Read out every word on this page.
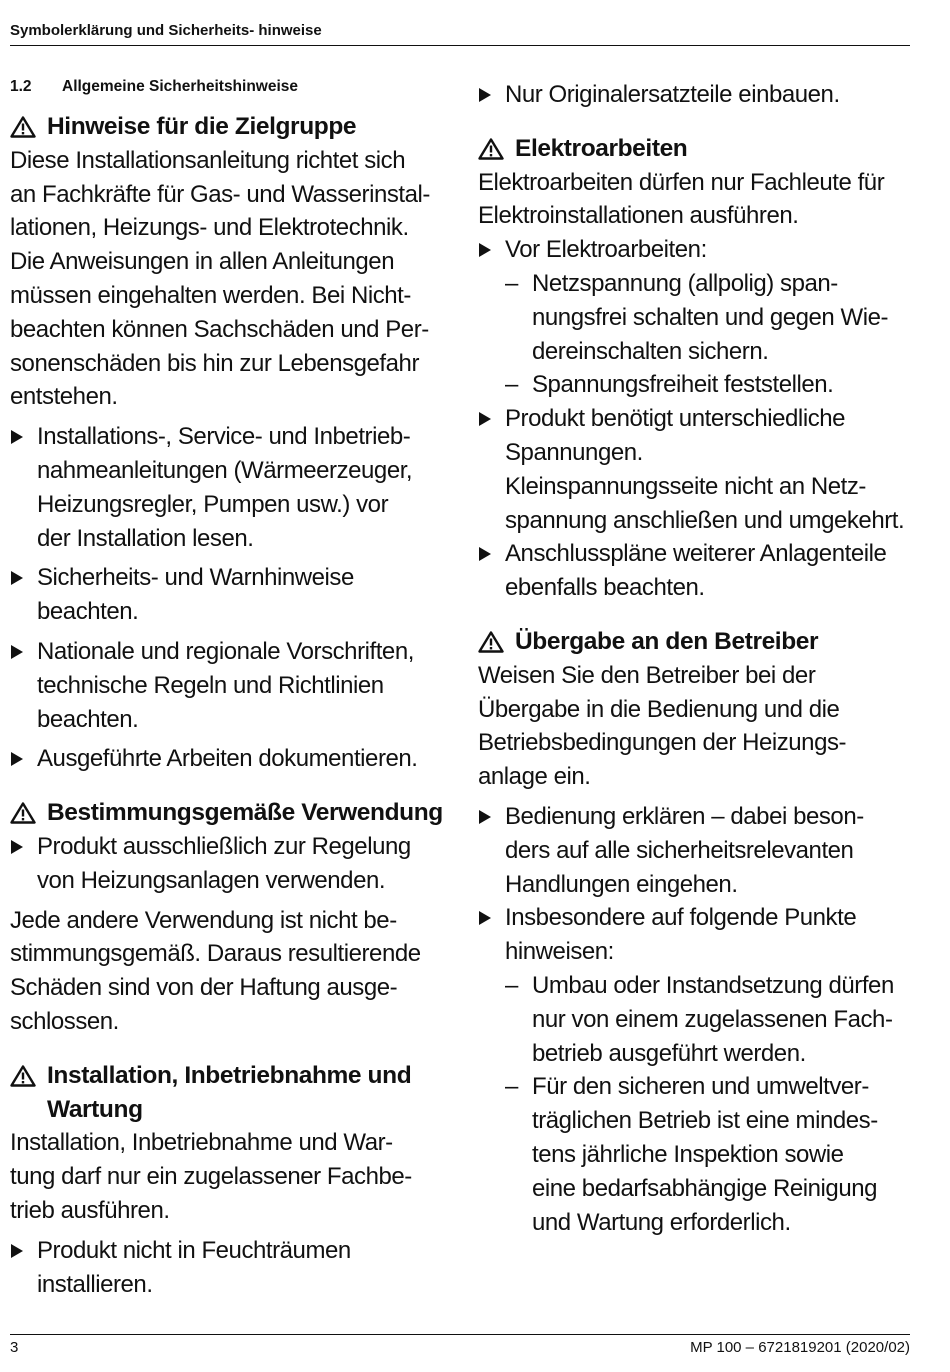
Symbolerklärung und Sicherheits- hinweise
1.2 Allgemeine Sicherheitshinweise
Hinweise für die Zielgruppe
Diese Installationsanleitung richtet sich
an Fachkräfte für Gas- und Wasserinstal-
lationen, Heizungs- und Elektrotechnik.
Die Anweisungen in allen Anleitungen
müssen eingehalten werden. Bei Nicht-
beachten können Sachschäden und Per-
sonenschäden bis hin zur Lebensgefahr
entstehen.
Installations-, Service- und Inbetrieb-
nahmeanleitungen (Wärmeerzeuger,
Heizungsregler, Pumpen usw.) vor
der Installation lesen.
Sicherheits- und Warnhinweise
beachten.
Nationale und regionale Vorschriften,
technische Regeln und Richtlinien
beachten.
Ausgeführte Arbeiten dokumentieren.
Bestimmungsgemäße Verwendung
Produkt ausschließlich zur Regelung
von Heizungsanlagen verwenden.
Jede andere Verwendung ist nicht be-
stimmungsgemäß. Daraus resultierende
Schäden sind von der Haftung ausge-
schlossen.
Installation, Inbetriebnahme und
Wartung
Installation, Inbetriebnahme und War-
tung darf nur ein zugelassener Fachbe-
trieb ausführen.
Produkt nicht in Feuchträumen
installieren.
Nur Originalersatzteile einbauen.
Elektroarbeiten
Elektroarbeiten dürfen nur Fachleute für
Elektroinstallationen ausführen.
Vor Elektroarbeiten:
– Netzspannung (allpolig) span-
nungsfrei schalten und gegen Wie-
dereinschalten sichern.
– Spannungsfreiheit feststellen.
Produkt benötigt unterschiedliche
Spannungen.
Kleinspannungsseite nicht an Netz-
spannung anschließen und umgekehrt.
Anschlusspläne weiterer Anlagenteile
ebenfalls beachten.
Übergabe an den Betreiber
Weisen Sie den Betreiber bei der
Übergabe in die Bedienung und die
Betriebsbedingungen der Heizungs-
anlage ein.
Bedienung erklären – dabei beson-
ders auf alle sicherheitsrelevanten
Handlungen eingehen.
Insbesondere auf folgende Punkte
hinweisen:
– Umbau oder Instandsetzung dürfen
nur von einem zugelassenen Fach-
betrieb ausgeführt werden.
– Für den sicheren und umweltver-
träglichen Betrieb ist eine mindes-
tens jährliche Inspektion sowie
eine bedarfsabhängige Reinigung
und Wartung erforderlich.
3	MP 100 – 6721819201 (2020/02)
